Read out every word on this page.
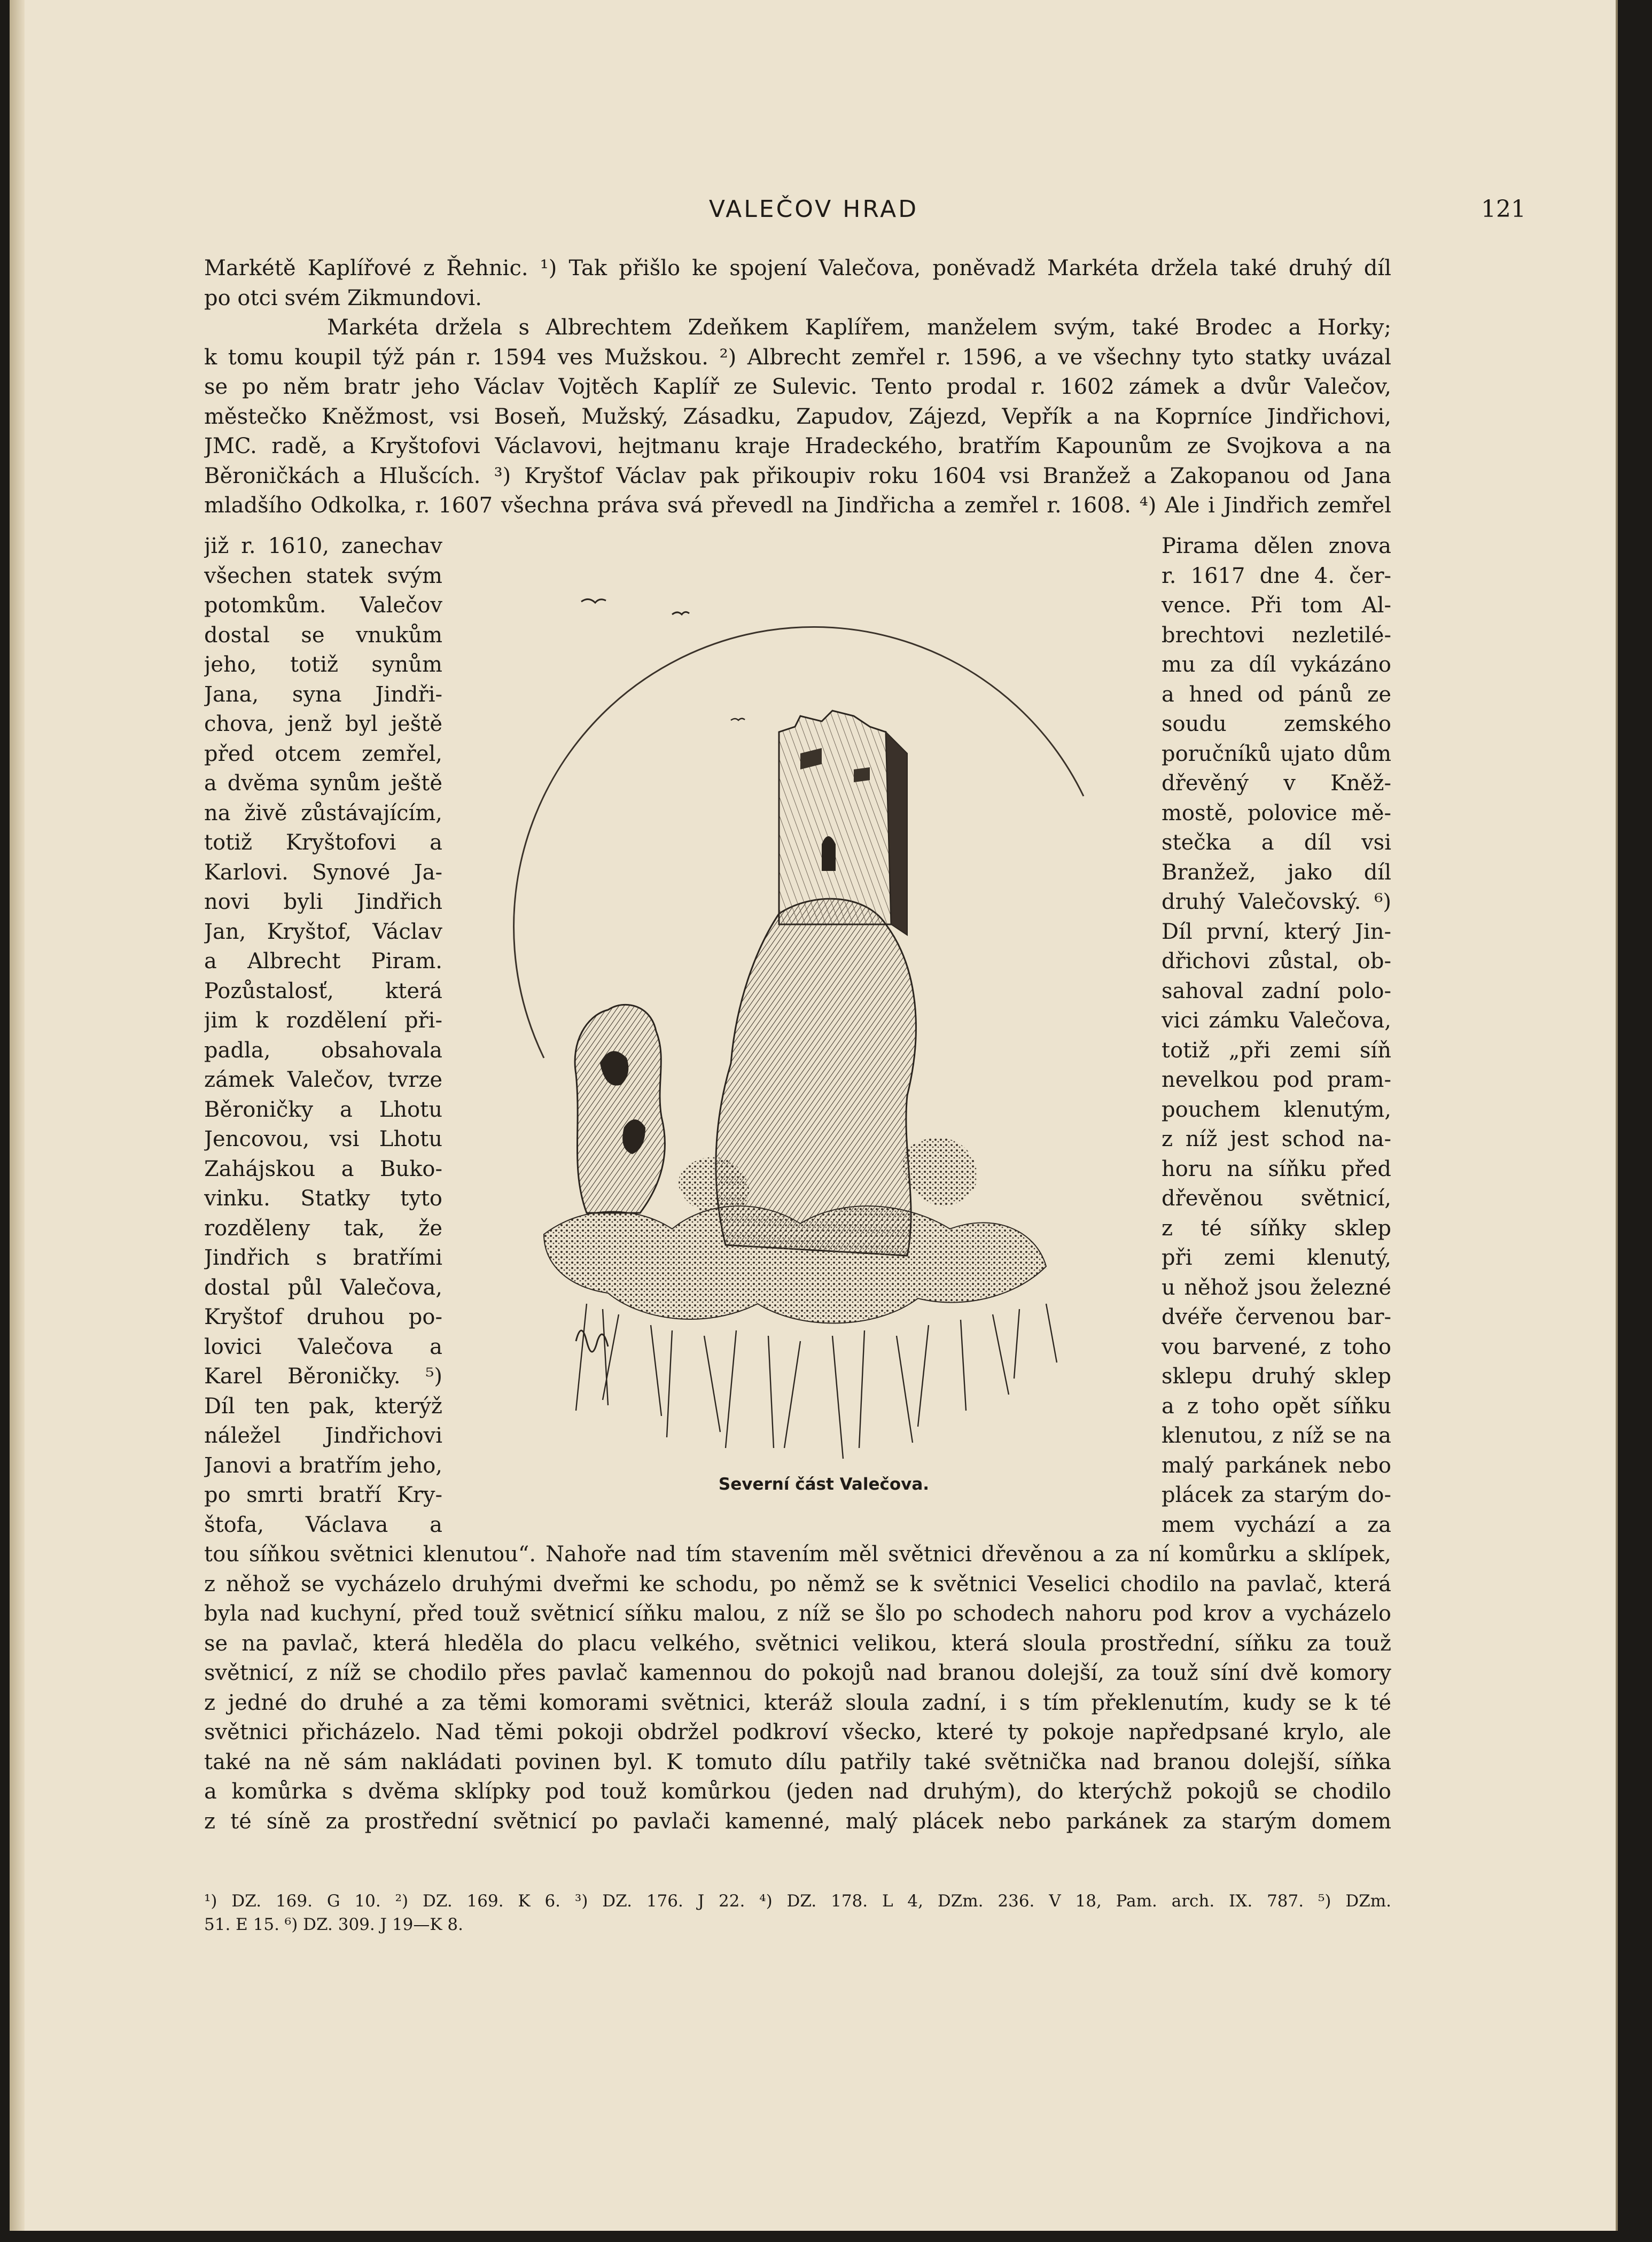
VALEČOV HRAD	121
Markétě Kaplířové z Řehnic. ¹) Tak přišlo ke spojení Valečova, poněvadž Markéta držela také druhý díl
po otci svém Zikmundovi.
Markéta držela s Albrechtem Zdeňkem Kaplířem, manželem svým, také Brodec a Horky;
k tomu koupil týž pán r. 1594 ves Mužskou. ²) Albrecht zemřel r. 1596, a ve všechny tyto statky uvázal
se po něm bratr jeho Václav Vojtěch Kaplíř ze Sulevic. Tento prodal r. 1602 zámek a dvůr Valečov,
městečko Kněžmost, vsi Boseň, Mužský, Zásadku, Zapudov, Zájezd, Vepřík a na Koprníce Jindřichovi,
JMC. radě, a Kryštofovi Václavovi, hejtmanu kraje Hradeckého, bratřím Kapounům ze Svojkova a na
Běroničkách a Hlušcích. ³) Kryštof Václav pak přikoupiv roku 1604 vsi Branžež a Zakopanou od Jana
mladšího Odkolka, r. 1607 všechna práva svá převedl na Jindřicha a zemřel r. 1608. ⁴) Ale i Jindřich zemřel
již r. 1610, zanechav
všechen statek svým
potomkům. Valečov
dostal se vnukům
jeho, totiž synům
Jana, syna Jindři-
chova, jenž byl ještě
před otcem zemřel,
a dvěma synům ještě
na živě zůstávajícím,
totiž Kryštofovi a
Karlovi. Synové Ja-
novi byli Jindřich
Jan, Kryštof, Václav
a Albrecht Piram.
Pozůstalosť, která
jim k rozdělení při-
padla, obsahovala
zámek Valečov, tvrze
Běroničky a Lhotu
Jencovou, vsi Lhotu
Zahájskou a Buko-
vinku. Statky tyto
rozděleny tak, že
Jindřich s bratřími
dostal půl Valečova,
Kryštof druhou po-
lovici Valečova a
Karel Běroničky. ⁵)
Díl ten pak, kterýž
náležel Jindřichovi
Janovi a bratřím jeho,
po smrti bratří Kry-
štofa, Václava a
Severní část Valečova.
Pirama dělen znova
r. 1617 dne 4. čer-
vence. Při tom Al-
brechtovi nezletilé-
mu za díl vykázáno
a hned od pánů ze
soudu zemského
poručníků ujato dům
dřevěný v Kněž-
mostě, polovice mě-
stečka a díl vsi
Branžež, jako díl
druhý Valečovský. ⁶)
Díl první, který Jin-
dřichovi zůstal, ob-
sahoval zadní polo-
vici zámku Valečova,
totiž „při zemi síň
nevelkou pod pram-
pouchem klenutým,
z níž jest schod na-
horu na síňku před
dřevěnou světnicí,
z té síňky sklep
při zemi klenutý,
u něhož jsou železné
dvéře červenou bar-
vou barvené, z toho
sklepu druhý sklep
a z toho opět síňku
klenutou, z níž se na
malý parkánek nebo
plácek za starým do-
mem vychází a za
tou síňkou světnici klenutou“. Nahoře nad tím stavením měl světnici dřevěnou a za ní komůrku a sklípek,
z něhož se vycházelo druhými dveřmi ke schodu, po němž se k světnici Veselici chodilo na pavlač, která
byla nad kuchyní, před touž světnicí síňku malou, z níž se šlo po schodech nahoru pod krov a vycházelo
se na pavlač, která hleděla do placu velkého, světnici velikou, která sloula prostřední, síňku za touž
světnicí, z níž se chodilo přes pavlač kamennou do pokojů nad branou dolejší, za touž síní dvě komory
z jedné do druhé a za těmi komorami světnici, kteráž sloula zadní, i s tím překlenutím, kudy se k té
světnici přicházelo. Nad těmi pokoji obdržel podkroví všecko, které ty pokoje napředpsané krylo, ale
také na ně sám nakládati povinen byl. K tomuto dílu patřily také světnička nad branou dolejší, síňka
a komůrka s dvěma sklípky pod touž komůrkou (jeden nad druhým), do kterýchž pokojů se chodilo
z té síně za prostřední světnicí po pavlači kamenné, malý plácek nebo parkánek za starým domem
¹) DZ. 169. G 10. ²) DZ. 169. K 6. ³) DZ. 176. J 22. ⁴) DZ. 178. L 4, DZm. 236. V 18, Pam. arch. IX. 787. ⁵) DZm.
51. E 15. ⁶) DZ. 309. J 19—K 8.
